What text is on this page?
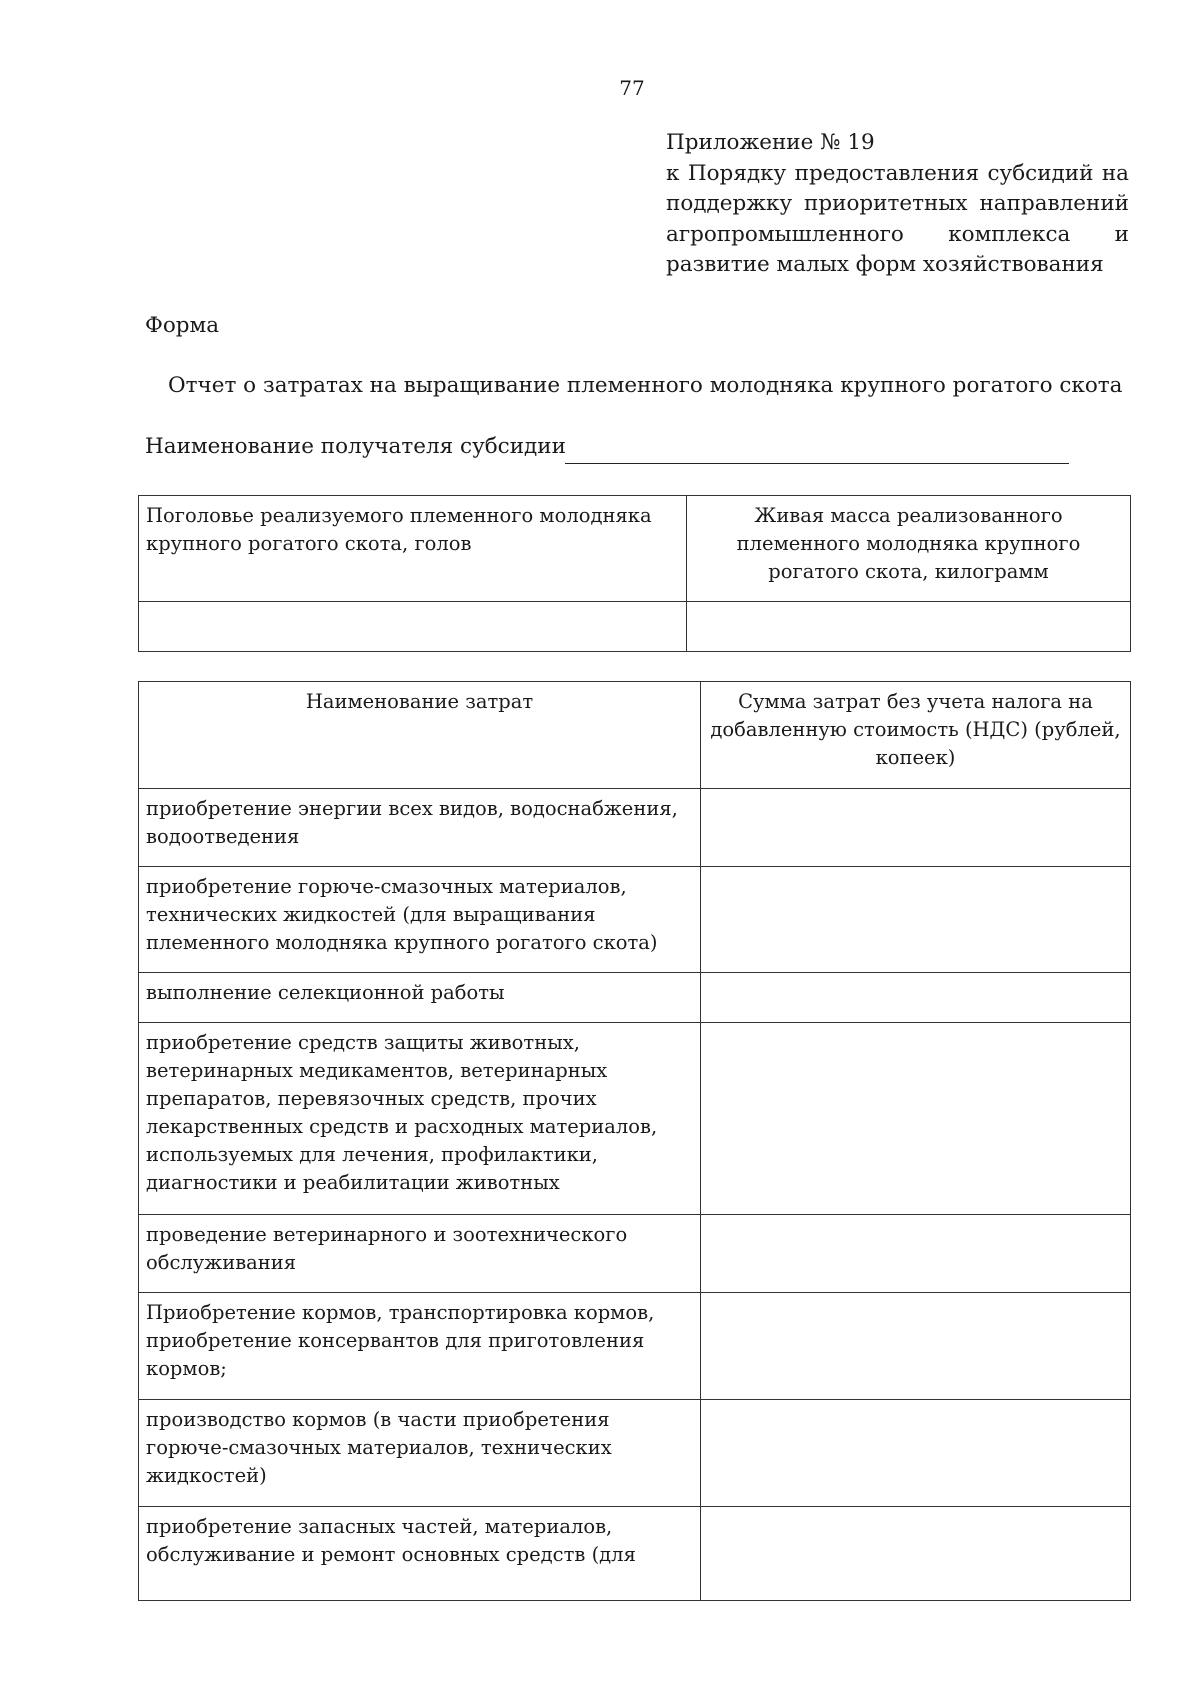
77
Приложение № 19
к Порядку предоставления субсидий на
поддержку приоритетных направлений
агропромышленного комплекса и
развитие малых форм хозяйствования
Форма
Отчет о затратах на выращивание племенного молодняка крупного рогатого скота
Наименование получателя субсидии
Поголовье реализуемого племенного молодняка крупного рогатого скота, голов	Живая масса реализованного племенного молодняка крупного рогатого скота, килограмм

Наименование затрат	Сумма затрат без учета налога на добавленную стоимость (НДС) (рублей, копеек)
приобретение энергии всех видов, водоснабжения, водоотведения	
приобретение горюче-смазочных материалов, технических жидкостей (для выращивания племенного молодняка крупного рогатого скота)	
выполнение селекционной работы	
приобретение средств защиты животных, ветеринарных медикаментов, ветеринарных препаратов, перевязочных средств, прочих лекарственных средств и расходных материалов, используемых для лечения, профилактики, диагностики и реабилитации животных	
проведение ветеринарного и зоотехнического обслуживания	
Приобретение кормов, транспортировка кормов, приобретение консервантов для приготовления кормов;	
производство кормов (в части приобретения горюче-смазочных материалов, технических жидкостей)	
приобретение запасных частей, материалов, обслуживание и ремонт основных средств (для	
